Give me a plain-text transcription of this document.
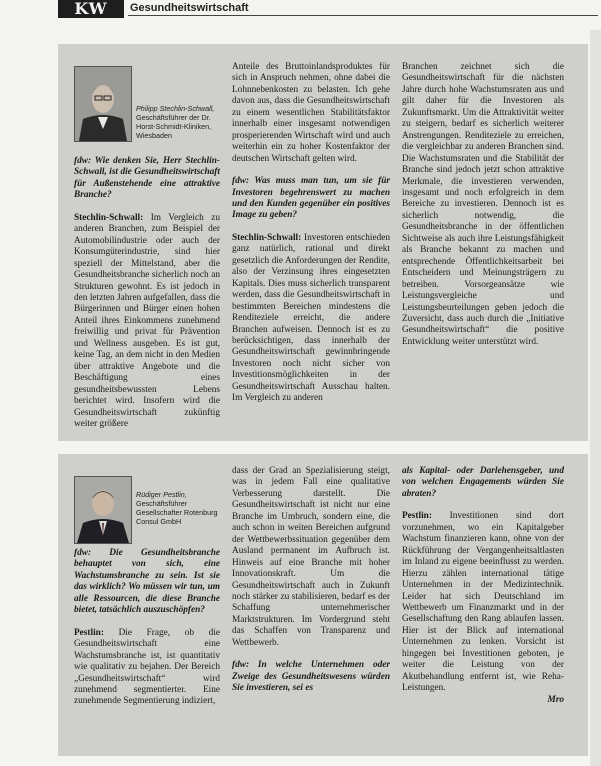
KW	Gesundheitswirtschaft
Philipp Stechlin-Schwall, Geschäftsführer der Dr. Horst-Schmidt-Kliniken, Wiesbaden

fdw: Wie denken Sie, Herr Stechlin-Schwall, ist die Gesundheitswirtschaft für Außenstehende eine attraktive Branche?

Stechlin-Schwall: Im Vergleich zu anderen Branchen, zum Beispiel der Automobilindustrie oder auch der Konsumgüterindustrie, sind hier speziell der Mittelstand, aber die Gesundheitsbranche sicherlich noch an Strukturen gewohnt. Es ist jedoch in den letzten Jahren aufgefallen, dass die Bürgerinnen und Bürger einen hohen Anteil ihres Einkommens zunehmend freiwillig und privat für Prävention und Wellness ausgeben. Es ist gut, keine Tag, an dem nicht in den Medien über attraktive Angebote und die Beschäftigung eines gesundheitsbewussten Lebens berichtet wird. Insofern wird die Gesundheitswirtschaft zukünftig weiter größere

Anteile des Bruttoinlandsproduktes für sich in Anspruch nehmen, ohne dabei die Lohnnebenkosten zu belasten. Ich gehe davon aus, dass die Gesundheitswirtschaft zu einem wesentlichen Stabilitätsfaktor innerhalb einer insgesamt notwendigen prosperierenden Wirtschaft wird und auch weiterhin ein zu hoher Kostenfaktor der deutschen Wirtschaft gelten wird.

fdw: Was muss man tun, um sie für Investoren begehrenswert zu machen und den Kunden gegenüber ein positives Image zu geben?

Stechlin-Schwall: Investoren entschieden ganz natürlich, rational und direkt gesetzlich die Anforderungen der Rendite, also der Verzinsung ihres eingesetzten Kapitals. Dies muss sicherlich transparent werden, dass die Gesundheitswirtschaft in bestimmten Bereichen mindestens die Renditeziele erreicht, die andere Branchen aufweisen. Dennoch ist es zu berücksichtigen, dass innerhalb der Gesundheitswirtschaft gewinnbringende Investoren noch nicht sicher von Investitionsmöglichkeiten in der Gesundheitswirtschaft Ausschau halten. Im Vergleich zu anderen

Branchen zeichnet sich die Gesundheitswirtschaft für die nächsten Jahre durch hohe Wachstumsraten aus und gilt daher für die Investoren als Zukunftsmarkt. Um die Attraktivität weiter zu steigern, bedarf es sicherlich weiterer Anstrengungen. Renditeziele zu erreichen, die vergleichbar zu anderen Branchen sind. Die Wachstumsraten und die Stabilität der Branche sind jedoch jetzt schon attraktive Merkmale, die investieren verwenden, insgesamt und noch erfolgreich in dem Bereiche zu investieren. Dennoch ist es sicherlich notwendig, die Gesundheitsbranche in der öffentlichen Sichtweise als auch ihre Leistungsfähigkeit als Branche bekannt zu machen und entsprechende Öffentlichkeitsarbeit bei Entscheidern und Meinungsträgern zu betreiben. Vorsorgeansätze wie Leistungsvergleiche und Leistungsbeurteilungen geben jedoch die Zuversicht, dass auch durch die „Initiative Gesundheitswirtschaft“ die positive Entwicklung weiter unterstützt wird.

Rüdiger Pestlin, Geschäftsführer Gesellschafter Rotenburg Consul GmbH

fdw: Die Gesundheitsbranche behauptet von sich, eine Wachstumsbranche zu sein. Ist sie das wirklich? Wo müssen wir tun, um alle Ressourcen, die diese Branche bietet, tatsächlich auszuschöpfen?

Pestlin: Die Frage, ob die Gesundheitswirtschaft eine Wachstumsbranche ist, ist quantitativ wie qualitativ zu bejahen. Der Bereich „Gesundheitswirtschaft“ wird zunehmend segmentierter. Eine zunehmende Segmentierung indiziert,

dass der Grad an Spezialisierung steigt, was in jedem Fall eine qualitative Verbesserung darstellt. Die Gesundheitswirtschaft ist nicht nur eine Branche im Umbruch, sondern eine, die auch schon in weiten Bereichen aufgrund der Wettbewerbssituation gegenüber dem Ausland permanent im Aufbruch ist. Hinweis auf eine Branche mit hoher Innovationskraft. Um die Gesundheitswirtschaft auch in Zukunft noch stärker zu stabilisieren, bedarf es der Schaffung unternehmerischer Marktstrukturen. Im Vordergrund steht das Schaffen von Transparenz und Wettbewerb.

fdw: In welche Unternehmen oder Zweige des Gesundheitswesens würden Sie investieren, sei es

als Kapital- oder Darlehensgeber, und von welchen Engagements würden Sie abraten?

Pestlin: Investitionen sind dort vorzunehmen, wo ein Kapitalgeber Wachstum finanzieren kann, ohne von der Rückführung der Vergangenheitsaltlasten im Inland zu eigene beeinflusst zu werden. Hierzu zählen international tätige Unternehmen in der Medizintechnik. Leider hat sich Deutschland im Wettbewerb um Finanzmarkt und in der Gesellschaftung den Rang ablaufen lassen. Hier ist der Blick auf international Unternehmen zu lenken. Vorsicht ist hingegen bei Investitionen geboten, je weiter die Leistung von der Akutbehandlung entfernt ist, wie Reha-Leistungen.

Mro
